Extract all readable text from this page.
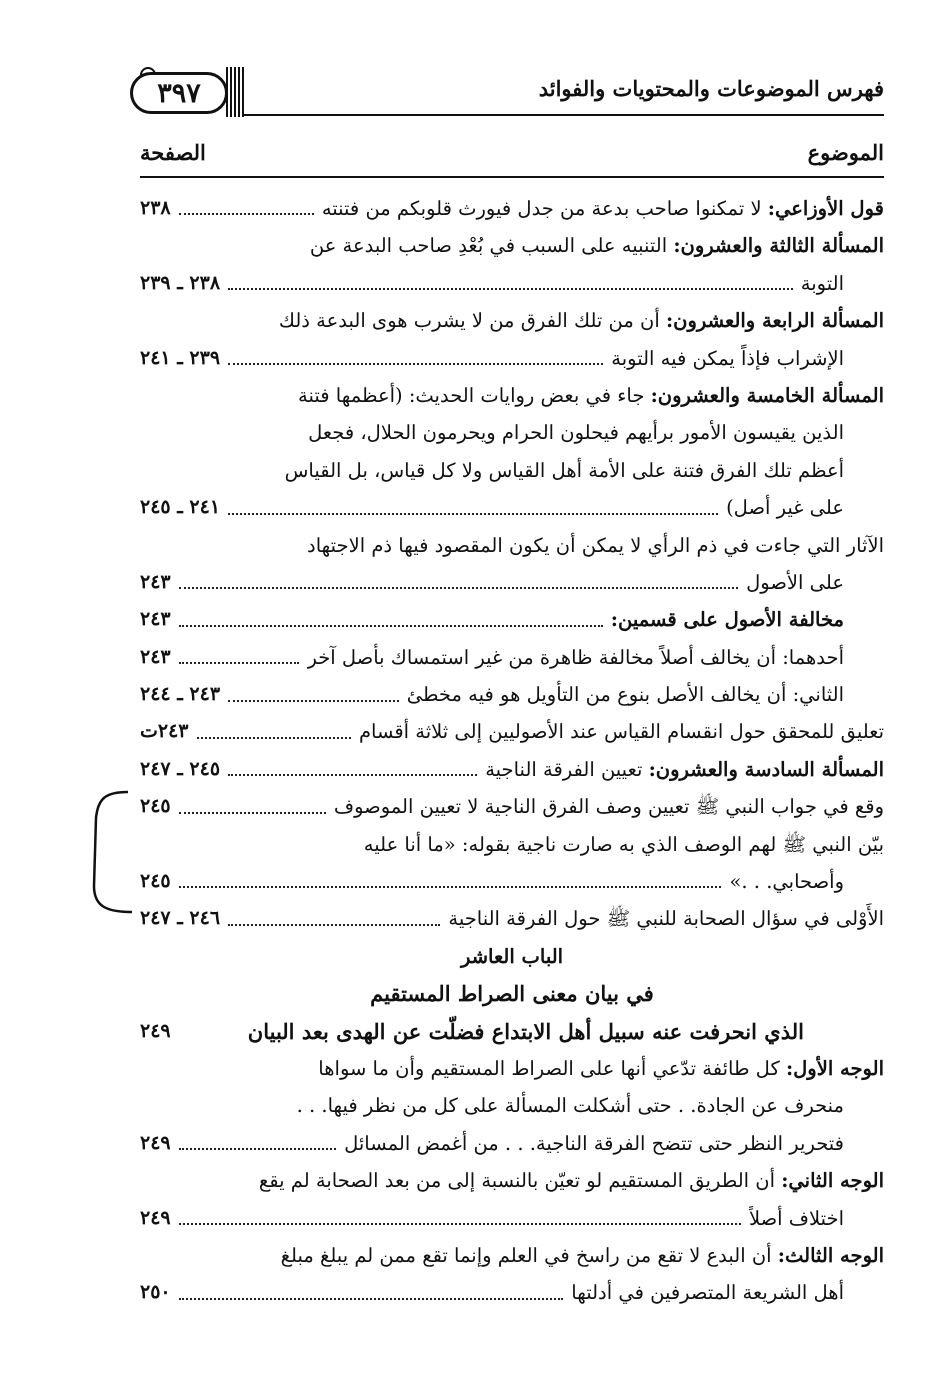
٣٩٧	فهرس الموضوعات والمحتويات والفوائد
الموضوع
الصفحة
قول الأوزاعي: لا تمكنوا صاحب بدعة من جدل فيورث قلوبكم من فتنته
٢٣٨
المسألة الثالثة والعشرون: التنبيه على السبب في بُعْدِ صاحب البدعة عن
التوبة
٢٣٨ ـ ٢٣٩
المسألة الرابعة والعشرون: أن من تلك الفرق من لا يشرب هوى البدعة ذلك
الإشراب فإذاً يمكن فيه التوبة
٢٣٩ ـ ٢٤١
المسألة الخامسة والعشرون: جاء في بعض روايات الحديث: (أعظمها فتنة
الذين يقيسون الأمور برأيهم فيحلون الحرام ويحرمون الحلال، فجعل
أعظم تلك الفرق فتنة على الأمة أهل القياس ولا كل قياس، بل القياس
على غير أصل)
٢٤١ ـ ٢٤٥
الآثار التي جاءت في ذم الرأي لا يمكن أن يكون المقصود فيها ذم الاجتهاد
على الأصول
٢٤٣
مخالفة الأصول على قسمين:
٢٤٣
أحدهما: أن يخالف أصلاً مخالفة ظاهرة من غير استمساك بأصل آخر
٢٤٣
الثاني: أن يخالف الأصل بنوع من التأويل هو فيه مخطئ
٢٤٣ ـ ٢٤٤
تعليق للمحقق حول انقسام القياس عند الأصوليين إلى ثلاثة أقسام
٢٤٣ت
المسألة السادسة والعشرون: تعيين الفرقة الناجية
٢٤٥ ـ ٢٤٧
وقع في جواب النبي ﷺ تعيين وصف الفرق الناجية لا تعيين الموصوف
٢٤٥
بيّن النبي ﷺ لهم الوصف الذي به صارت ناجية بقوله: «ما أنا عليه
وأصحابي. . .»
٢٤٥
الأَوْلى في سؤال الصحابة للنبي ﷺ حول الفرقة الناجية
٢٤٦ ـ ٢٤٧
الباب العاشر
في بيان معنى الصراط المستقيم
الذي انحرفت عنه سبيل أهل الابتداع فضلّت عن الهدى بعد البيان
٢٤٩
الوجه الأول: كل طائفة تدّعي أنها على الصراط المستقيم وأن ما سواها
منحرف عن الجادة. . حتى أشكلت المسألة على كل من نظر فيها. . .
فتحرير النظر حتى تتضح الفرقة الناجية. . . من أغمض المسائل
٢٤٩
الوجه الثاني: أن الطريق المستقيم لو تعيّن بالنسبة إلى من بعد الصحابة لم يقع
اختلاف أصلاً
٢٤٩
الوجه الثالث: أن البدع لا تقع من راسخ في العلم وإنما تقع ممن لم يبلغ مبلغ
أهل الشريعة المتصرفين في أدلتها
٢٥٠
